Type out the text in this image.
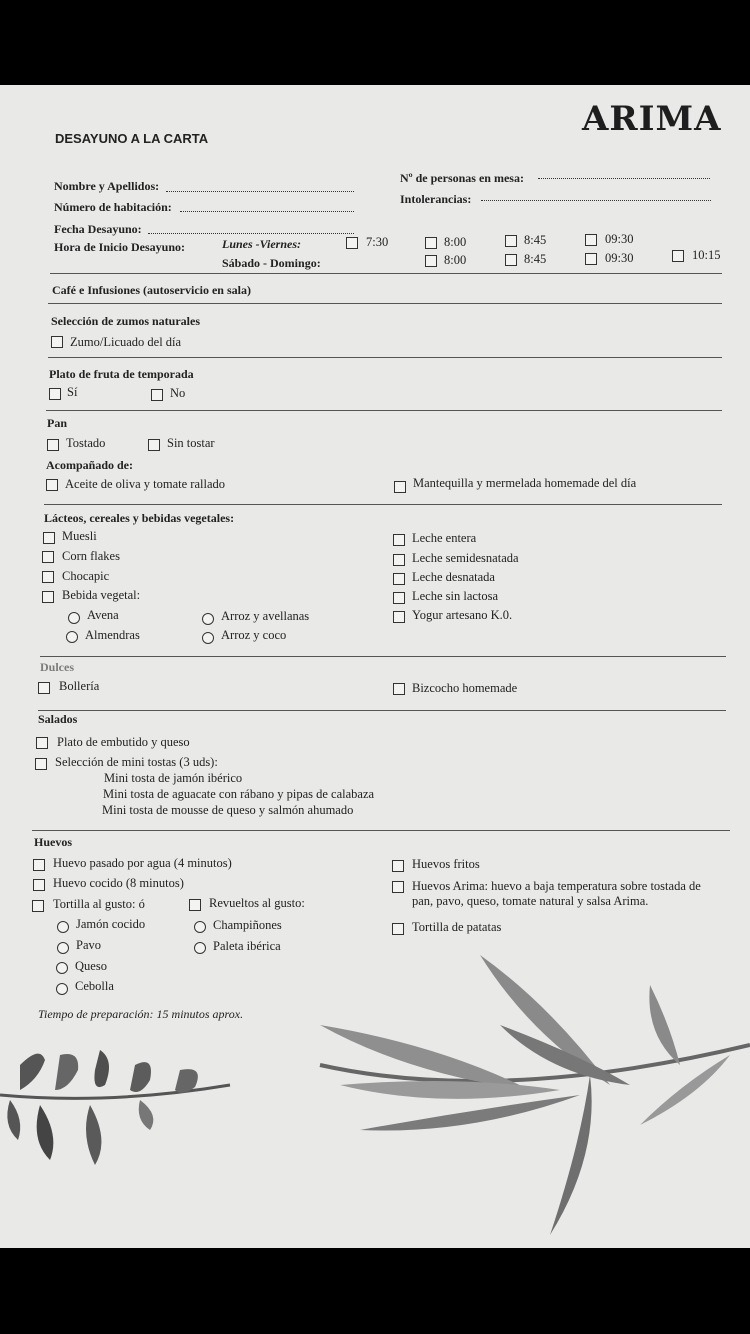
ARIMA
DESAYUNO A LA CARTA
Nombre y Apellidos:
Número de habitación:
Fecha Desayuno:
Nº de personas en mesa:
Intolerancias:
Hora de Inicio Desayuno:	Lunes -Viernes:
Sábado - Domingo:
7:30	8:00	8:45	09:30
8:00	8:45	09:30	10:15
Café e Infusiones (autoservicio en sala)
Selección de zumos naturales
Zumo/Licuado del día
Plato de fruta de temporada
Sí	No
Pan
Tostado	Sin tostar
Acompañado de:
Aceite de oliva y tomate rallado	Mantequilla y mermelada homemade del día
Lácteos, cereales y bebidas vegetales:
Muesli
Corn flakes
Chocapic
Bebida vegetal:
Avena
Almendras
Arroz y avellanas
Arroz y coco
Leche entera
Leche semidesnatada
Leche desnatada
Leche sin lactosa
Yogur artesano K.0.
Dulces
Bollería	Bizcocho homemade
Salados
Plato de embutido y queso
Selección de mini tostas (3 uds):
Mini tosta de jamón ibérico
Mini tosta de aguacate con rábano y pipas de calabaza
Mini tosta de mousse de queso y salmón ahumado
Huevos
Huevo pasado por agua (4 minutos)
Huevo cocido (8 minutos)
Tortilla al gusto: ó	Revueltos al gusto:
Jamón cocido
Pavo
Queso
Cebolla
Champiñones
Paleta ibérica
Huevos fritos
Huevos Arima: huevo a baja temperatura sobre tostada de
pan, pavo, queso, tomate natural y salsa Arima.
Tortilla de patatas
Tiempo de preparación: 15 minutos aprox.
